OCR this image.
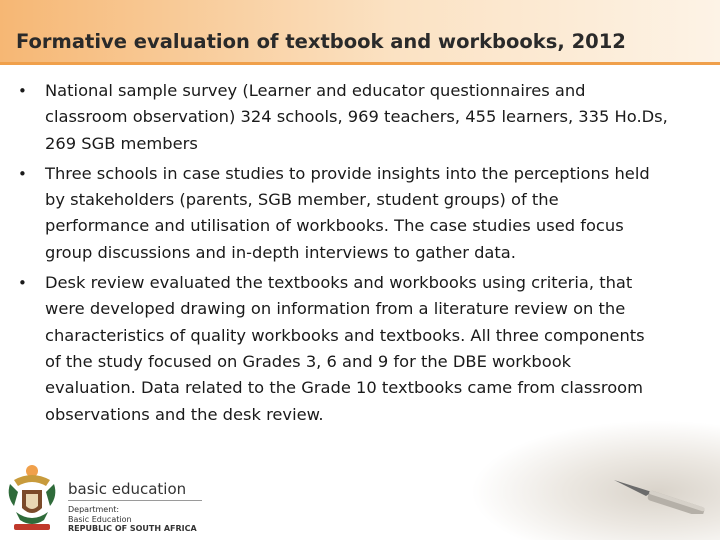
Formative evaluation of textbook and workbooks, 2012
• National sample survey (Learner and educator questionnaires and
classroom observation) 324 schools, 969 teachers, 455 learners, 335 Ho.Ds,
269 SGB members
• Three schools in case studies to provide insights into the perceptions held
by stakeholders (parents, SGB member, student groups) of the
performance and utilisation of workbooks. The case studies used focus
group discussions and in-depth interviews to gather data.
• Desk review evaluated the textbooks and workbooks using criteria, that
were developed drawing on information from a literature review on the
characteristics of quality workbooks and textbooks. All three components
of the study focused on Grades 3, 6 and 9 for the DBE workbook
evaluation. Data related to the Grade 10 textbooks came from classroom
observations and the desk review.
basic education
Department:
Basic Education
REPUBLIC OF SOUTH AFRICA
